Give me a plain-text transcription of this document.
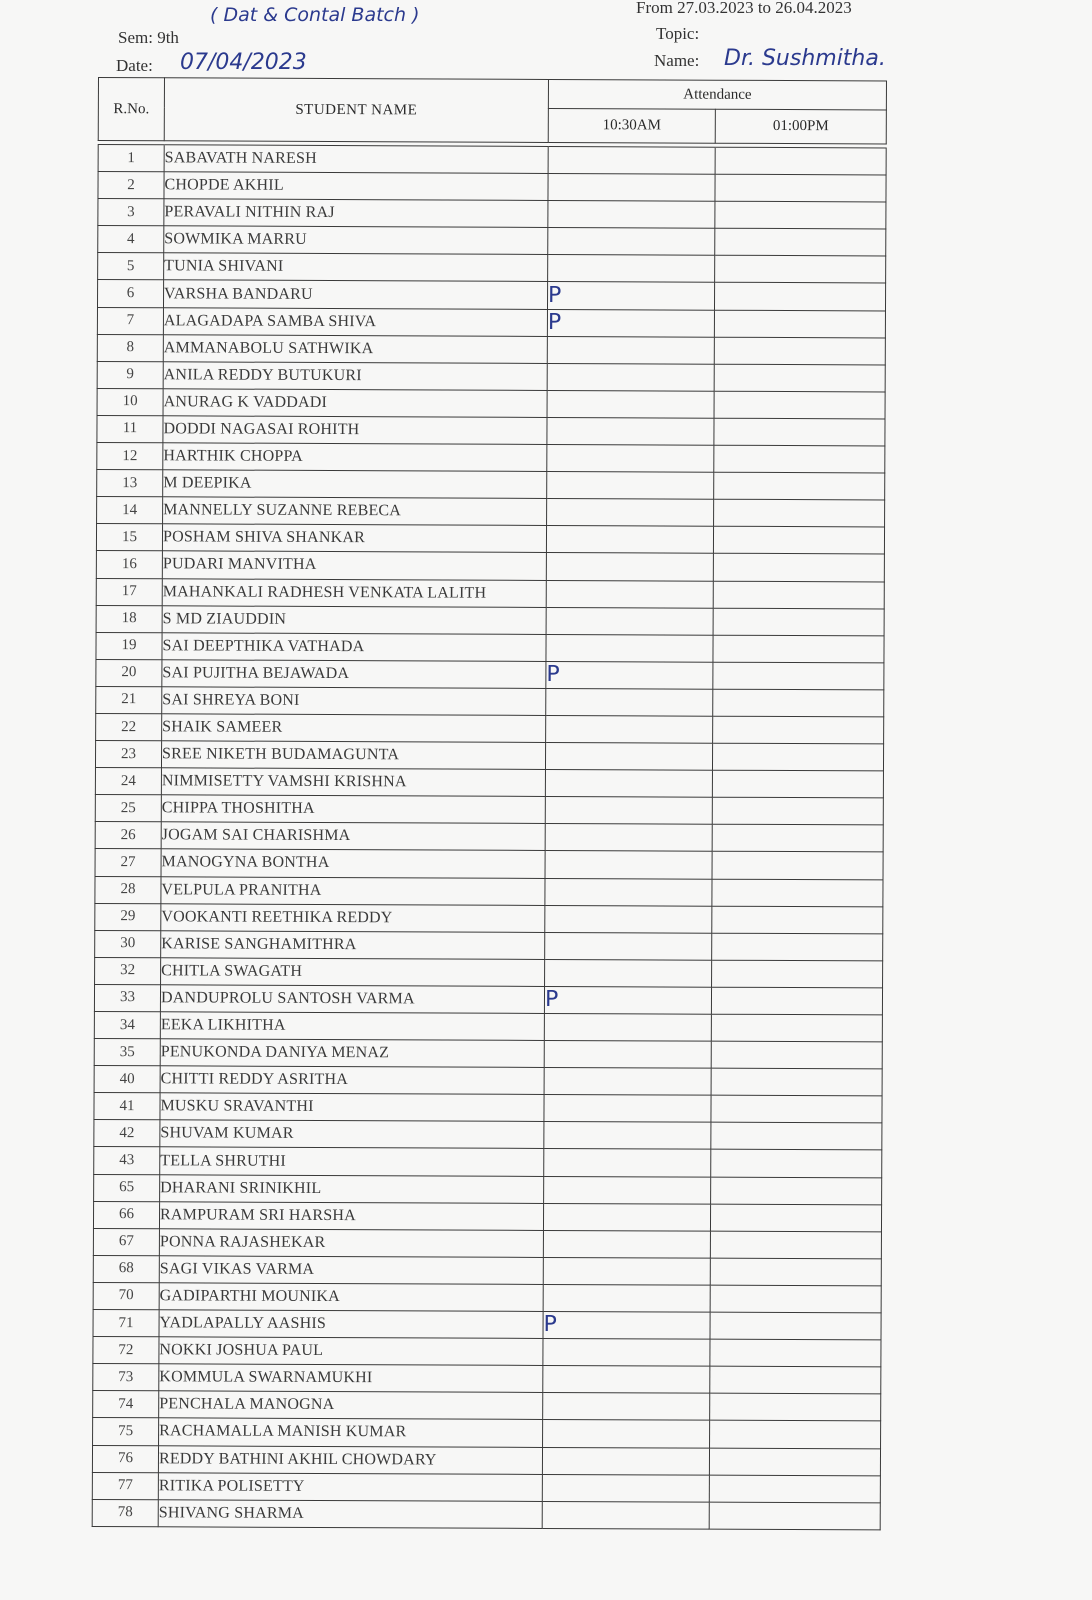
Sem: 9th
( Dat & Contal Batch )
Date: 07/04/2023
From 27.03.2023 to 26.04.2023
Topic:
Name: Dr. Sushmitha.
R.No.	STUDENT NAME	Attendance	
		10:30AM	01:00PM

1	SABAVATH NARESH		
2	CHOPDE AKHIL		
3	PERAVALI NITHIN RAJ		
4	SOWMIKA MARRU		
5	TUNIA SHIVANI		
6	VARSHA BANDARU	P	
7	ALAGADAPA SAMBA SHIVA	P	
8	AMMANABOLU SATHWIKA		
9	ANILA REDDY BUTUKURI		
10	ANURAG K VADDADI		
11	DODDI NAGASAI ROHITH		
12	HARTHIK CHOPPA		
13	M DEEPIKA		
14	MANNELLY SUZANNE REBECA		
15	POSHAM SHIVA SHANKAR		
16	PUDARI MANVITHA		
17	MAHANKALI RADHESH VENKATA LALITH		
18	S MD ZIAUDDIN		
19	SAI DEEPTHIKA VATHADA		
20	SAI PUJITHA BEJAWADA	P	
21	SAI SHREYA BONI		
22	SHAIK SAMEER		
23	SREE NIKETH BUDAMAGUNTA		
24	NIMMISETTY VAMSHI KRISHNA		
25	CHIPPA THOSHITHA		
26	JOGAM SAI CHARISHMA		
27	MANOGYNA BONTHA		
28	VELPULA PRANITHA		
29	VOOKANTI REETHIKA REDDY		
30	KARISE SANGHAMITHRA		
32	CHITLA SWAGATH		
33	DANDUPROLU SANTOSH VARMA	P	
34	EEKA LIKHITHA		
35	PENUKONDA DANIYA MENAZ		
40	CHITTI REDDY ASRITHA		
41	MUSKU SRAVANTHI		
42	SHUVAM KUMAR		
43	TELLA SHRUTHI		
65	DHARANI SRINIKHIL		
66	RAMPURAM SRI HARSHA		
67	PONNA RAJASHEKAR		
68	SAGI VIKAS VARMA		
70	GADIPARTHI MOUNIKA		
71	YADLAPALLY AASHIS	P	
72	NOKKI JOSHUA PAUL		
73	KOMMULA SWARNAMUKHI		
74	PENCHALA MANOGNA		
75	RACHAMALLA MANISH KUMAR		
76	REDDY BATHINI AKHIL CHOWDARY		
77	RITIKA POLISETTY		
78	SHIVANG SHARMA		
